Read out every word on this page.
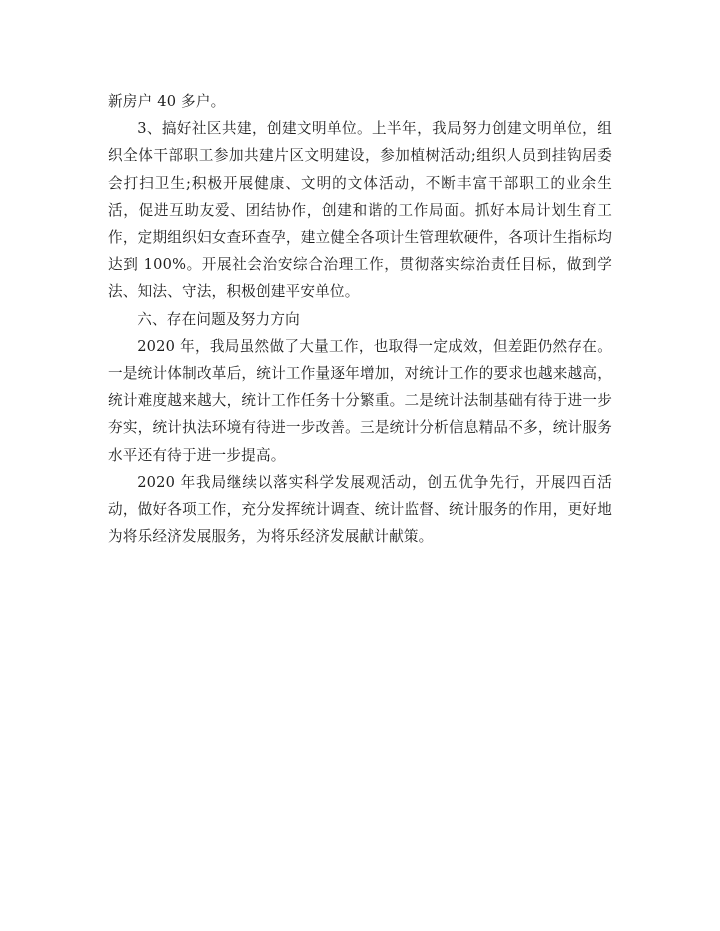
新房户 40 多户。

3、搞好社区共建，创建文明单位。上半年，我局努力创建文明单位，组织全体干部职工参加共建片区文明建设，参加植树活动;组织人员到挂钩居委会打扫卫生;积极开展健康、文明的文体活动，不断丰富干部职工的业余生活，促进互助友爱、团结协作，创建和谐的工作局面。抓好本局计划生育工作，定期组织妇女查环查孕，建立健全各项计生管理软硬件，各项计生指标均达到 100%。开展社会治安综合治理工作，贯彻落实综治责任目标，做到学法、知法、守法，积极创建平安单位。

六、存在问题及努力方向

2020 年，我局虽然做了大量工作，也取得一定成效，但差距仍然存在。一是统计体制改革后，统计工作量逐年增加，对统计工作的要求也越来越高，统计难度越来越大，统计工作任务十分繁重。二是统计法制基础有待于进一步夯实，统计执法环境有待进一步改善。三是统计分析信息精品不多，统计服务水平还有待于进一步提高。

2020 年我局继续以落实科学发展观活动，创五优争先行，开展四百活动，做好各项工作，充分发挥统计调查、统计监督、统计服务的作用，更好地为将乐经济发展服务，为将乐经济发展献计献策。
